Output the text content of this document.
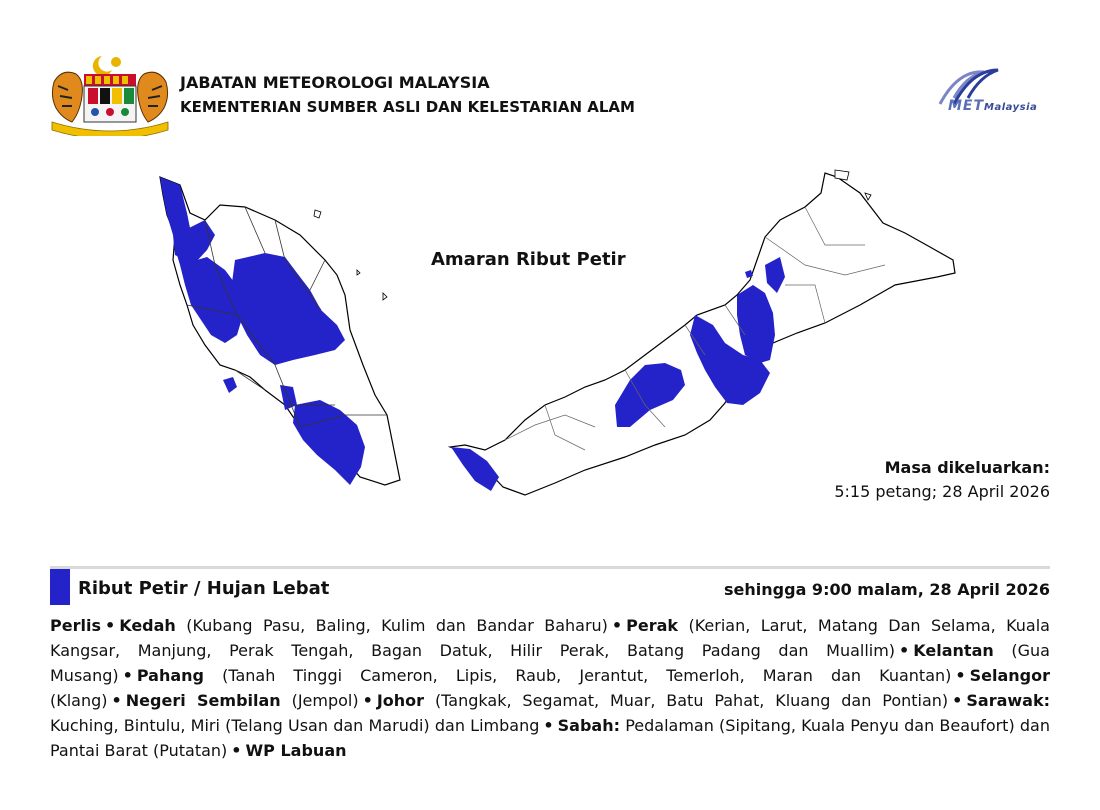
JABATAN METEOROLOGI MALAYSIA
KEMENTERIAN SUMBER ASLI DAN KELESTARIAN ALAM	METMalaysia
Amaran Ribut Petir
Masa dikeluarkan:
5:15 petang; 28 April 2026
Ribut Petir / Hujan Lebat	sehingga 9:00 malam, 28 April 2026
Perlis • Kedah (Kubang Pasu, Baling, Kulim dan Bandar Baharu) • Perak (Kerian, Larut, Matang Dan Selama, Kuala Kangsar, Manjung, Perak Tengah, Bagan Datuk, Hilir Perak, Batang Padang dan Muallim) • Kelantan (Gua Musang) • Pahang (Tanah Tinggi Cameron, Lipis, Raub, Jerantut, Temerloh, Maran dan Kuantan) • Selangor (Klang) • Negeri Sembilan (Jempol) • Johor (Tangkak, Segamat, Muar, Batu Pahat, Kluang dan Pontian) • Sarawak: Kuching, Bintulu, Miri (Telang Usan dan Marudi) dan Limbang • Sabah: Pedalaman (Sipitang, Kuala Penyu dan Beaufort) dan Pantai Barat (Putatan) • WP Labuan
